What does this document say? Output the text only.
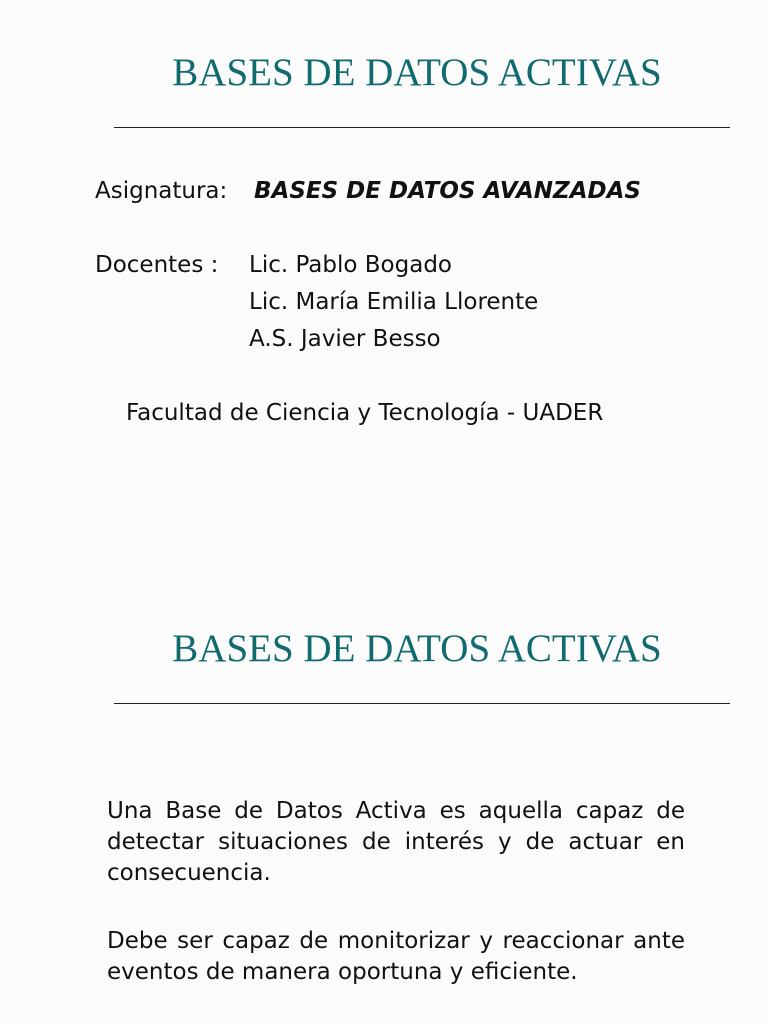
BASES DE DATOS ACTIVAS
Asignatura: BASES DE DATOS AVANZADAS
Docentes : Lic. Pablo Bogado
Lic. María Emilia Llorente
A.S. Javier Besso
Facultad de Ciencia y Tecnología - UADER
BASES DE DATOS ACTIVAS
Una Base de Datos Activa es aquella capaz de detectar situaciones de interés y de actuar en consecuencia.
Debe ser capaz de monitorizar y reaccionar ante eventos de manera oportuna y eficiente.
